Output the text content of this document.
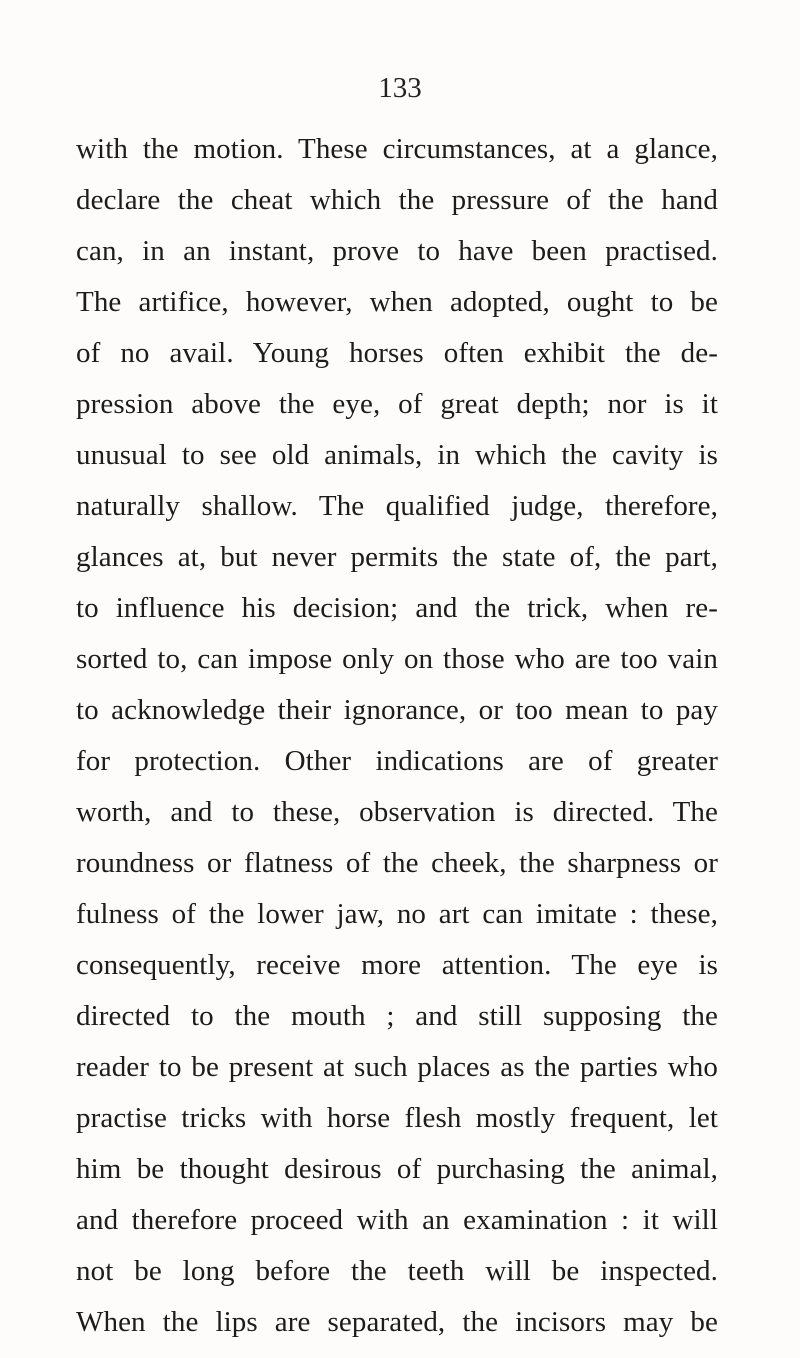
133
with the motion. These circumstances, at a glance,
declare the cheat which the pressure of the hand
can, in an instant, prove to have been practised.
The artifice, however, when adopted, ought to be
of no avail. Young horses often exhibit the de-
pression above the eye, of great depth; nor is it
unusual to see old animals, in which the cavity is
naturally shallow. The qualified judge, therefore,
glances at, but never permits the state of, the part,
to influence his decision; and the trick, when re-
sorted to, can impose only on those who are too vain
to acknowledge their ignorance, or too mean to pay
for protection. Other indications are of greater
worth, and to these, observation is directed. The
roundness or flatness of the cheek, the sharpness or
fulness of the lower jaw, no art can imitate : these,
consequently, receive more attention. The eye is
directed to the mouth ; and still supposing the
reader to be present at such places as the parties who
practise tricks with horse flesh mostly frequent, let
him be thought desirous of purchasing the animal,
and therefore proceed with an examination : it will
not be long before the teeth will be inspected.
When the lips are separated, the incisors may be
